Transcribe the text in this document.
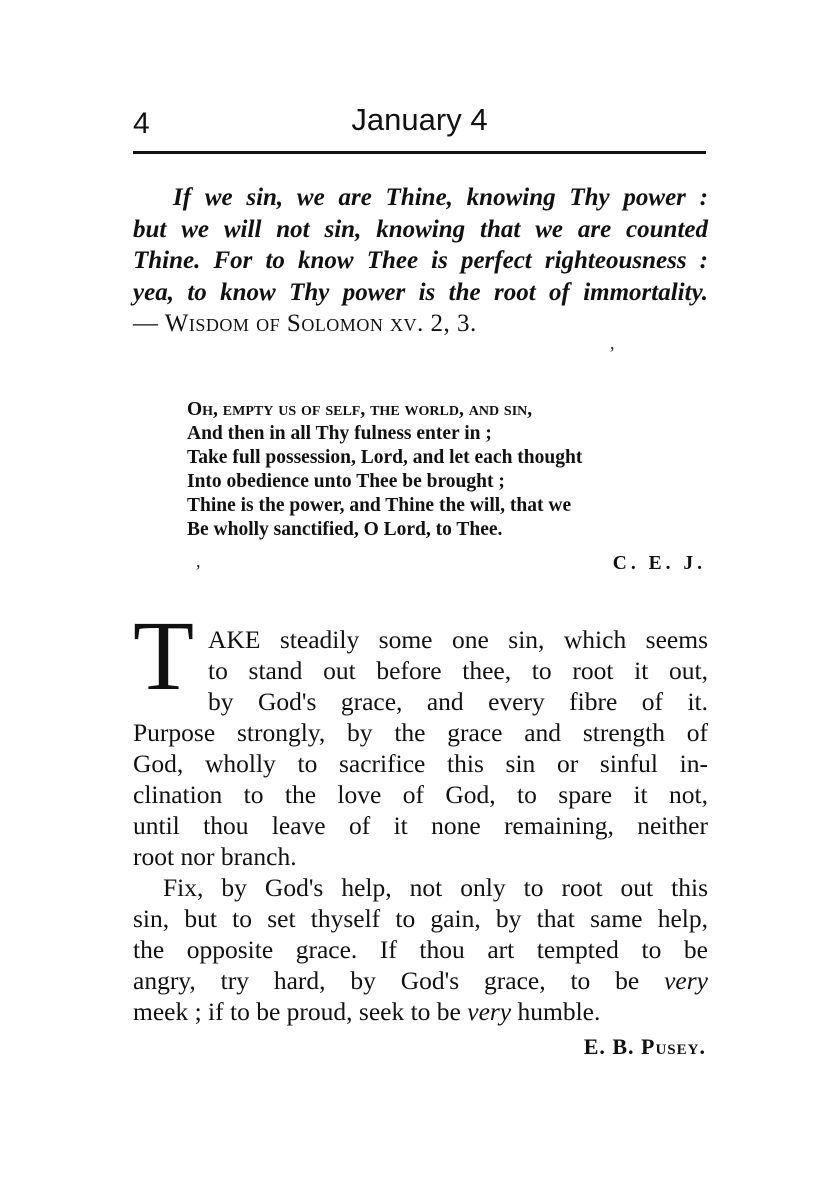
4	January 4
If we sin, we are Thine, knowing Thy power :
but we will not sin, knowing that we are counted
Thine. For to know Thee is perfect righteousness :
yea, to know Thy power is the root of immortality.
— Wisdom of Solomon xv. 2, 3.
,
Oh, empty us of self, the world, and sin,
And then in all Thy fulness enter in ;
Take full possession, Lord, and let each thought
Into obedience unto Thee be brought ;
Thine is the power, and Thine the will, that we
Be wholly sanctified, O Lord, to Thee.
,	C. E. J.
T AKE steadily some one sin, which seems
to stand out before thee, to root it out,
by God's grace, and every fibre of it.
Purpose strongly, by the grace and strength of
God, wholly to sacrifice this sin or sinful in-
clination to the love of God, to spare it not,
until thou leave of it none remaining, neither
root nor branch.
Fix, by God's help, not only to root out this
sin, but to set thyself to gain, by that same help,
the opposite grace. If thou art tempted to be
angry, try hard, by God's grace, to be very
meek ; if to be proud, seek to be very humble.
E. B. Pusey.
